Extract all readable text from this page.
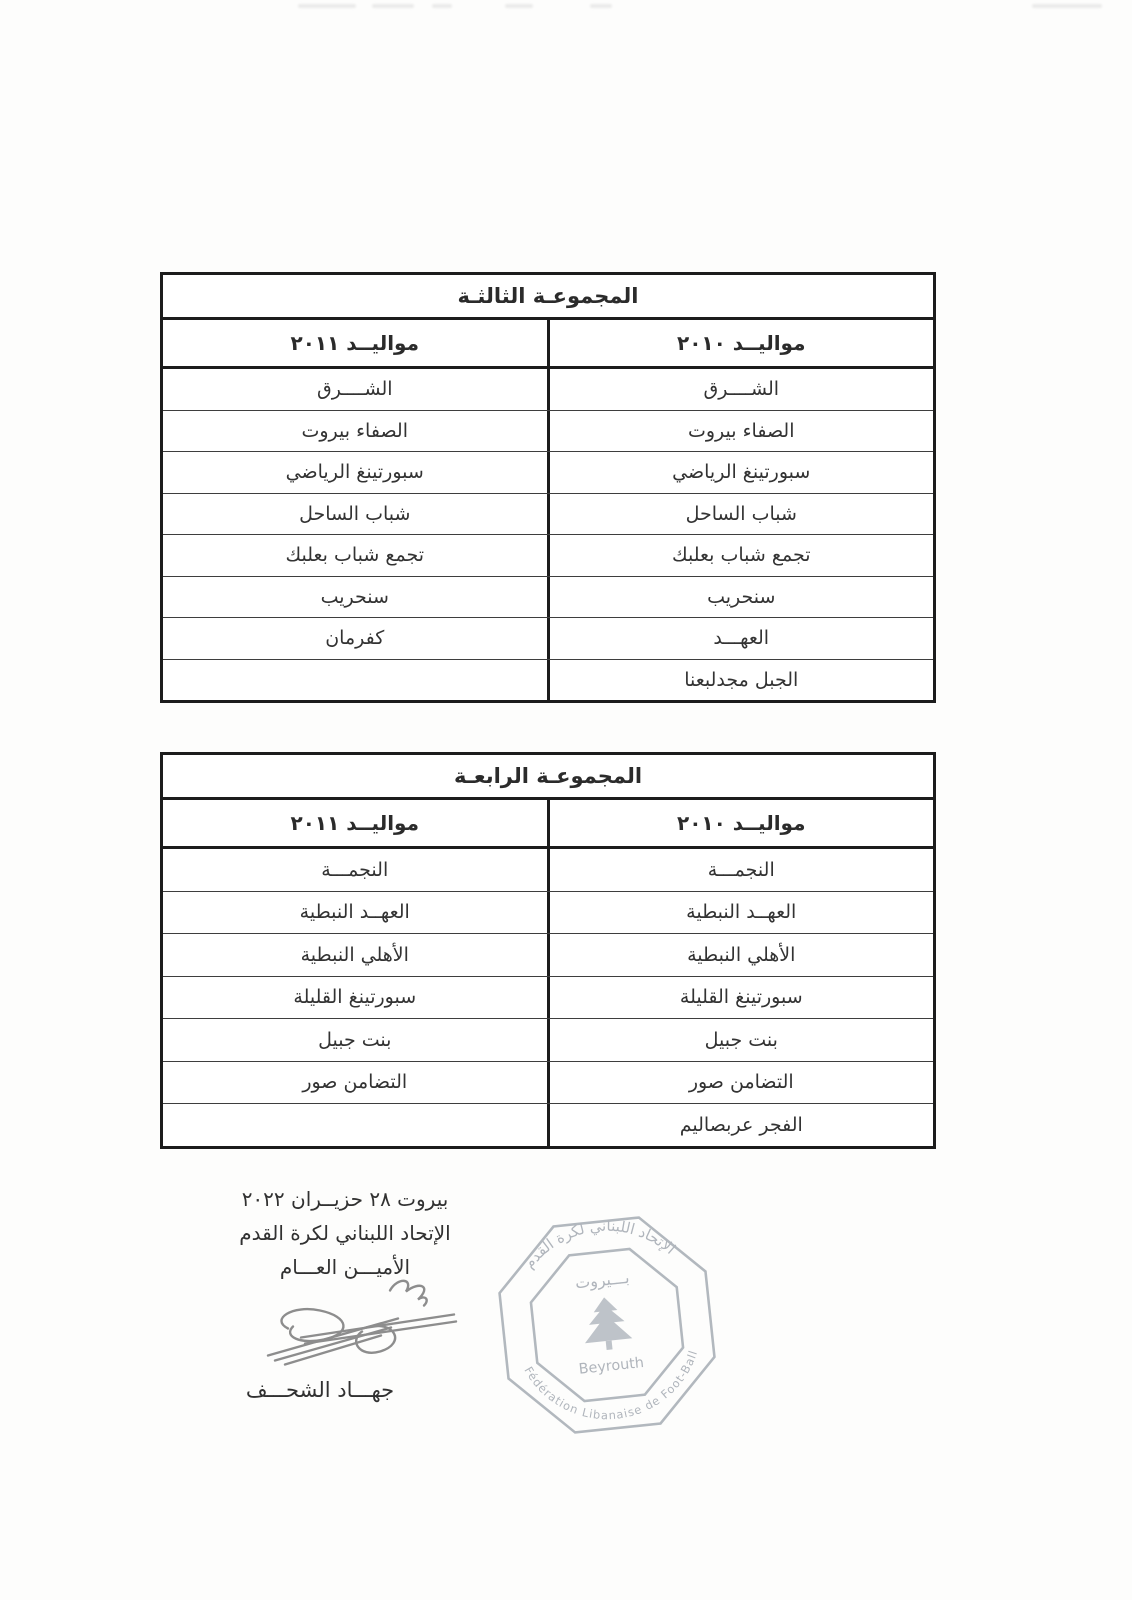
المجموعـة الثالثـة
مواليــد ٢٠١٠
مواليــد ٢٠١١
الشــــرق
الشــــرق
الصفاء بيروت
الصفاء بيروت
سبورتينغ الرياضي
سبورتينغ الرياضي
شباب الساحل
شباب الساحل
تجمع شباب بعلبك
تجمع شباب بعلبك
سنحريب
سنحريب
العهـــد
كفرمان
الجبل مجدلبعنا
المجموعـة الرابعـة
مواليــد ٢٠١٠
مواليــد ٢٠١١
النجمـــة
النجمـــة
العهــد النبطية
العهــد النبطية
الأهلي النبطية
الأهلي النبطية
سبورتينغ القليلة
سبورتينغ القليلة
بنت جبيل
بنت جبيل
التضامن صور
التضامن صور
الفجر عربصاليم
بيروت ٢٨ حزيــران ٢٠٢٢
الإتحاد اللبناني لكرة القدم
الأميـــن العـــام
جهـــاد الشحـــف
الإتحاد اللبناني لكرة القدم
Fédération Libanaise de Foot-Ball
بـــيروت
Beyrouth
